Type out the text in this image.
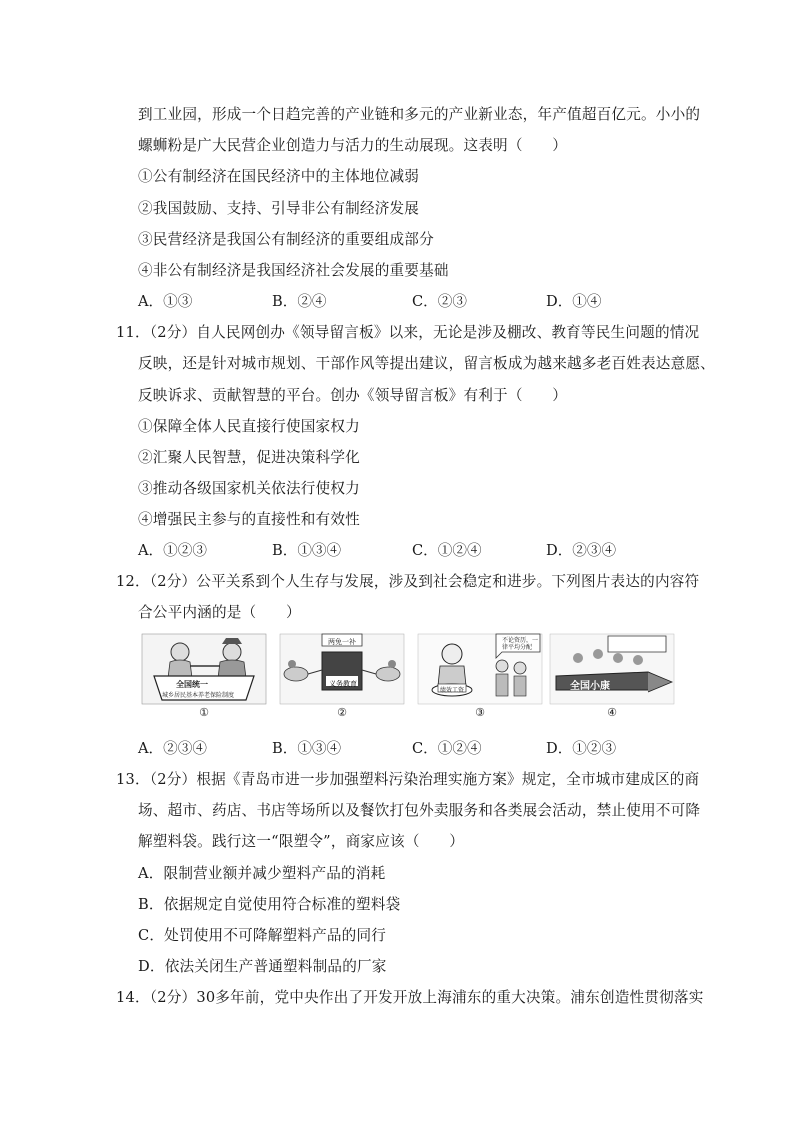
到工业园，形成一个日趋完善的产业链和多元的产业新业态，年产值超百亿元。小小的
螺蛳粉是广大民营企业创造力与活力的生动展现。这表明（　　）
①公有制经济在国民经济中的主体地位减弱
②我国鼓励、支持、引导非公有制经济发展
③民营经济是我国公有制经济的重要组成部分
④非公有制经济是我国经济社会发展的重要基础
A．①③	B．②④	C．②③	D．①④
11．（2分）自人民网创办《领导留言板》以来，无论是涉及棚改、教育等民生问题的情况
反映，还是针对城市规划、干部作风等提出建议，留言板成为越来越多老百姓表达意愿、
反映诉求、贡献智慧的平台。创办《领导留言板》有利于（　　）
①保障全体人民直接行使国家权力
②汇聚人民智慧，促进决策科学化
③推动各级国家机关依法行使权力
④增强民主参与的直接性和有效性
A．①②③	B．①③④	C．①②④	D．②③④
12．（2分）公平关系到个人生存与发展，涉及到社会稳定和进步。下列图片表达的内容符
合公平内涵的是（　　）
全国统一
城乡居民基本养老保险制度
①
两免一补
义务教育
②
不论资历，一律平均分配
绩效工资
③
全国小康
④
A．②③④	B．①③④	C．①②④	D．①②③
13．（2分）根据《青岛市进一步加强塑料污染治理实施方案》规定，全市城市建成区的商
场、超市、药店、书店等场所以及餐饮打包外卖服务和各类展会活动，禁止使用不可降
解塑料袋。践行这一“限塑令”，商家应该（　　）
A．限制营业额并减少塑料产品的消耗
B．依据规定自觉使用符合标准的塑料袋
C．处罚使用不可降解塑料产品的同行
D．依法关闭生产普通塑料制品的厂家
14．（2分）30多年前，党中央作出了开发开放上海浦东的重大决策。浦东创造性贯彻落实
